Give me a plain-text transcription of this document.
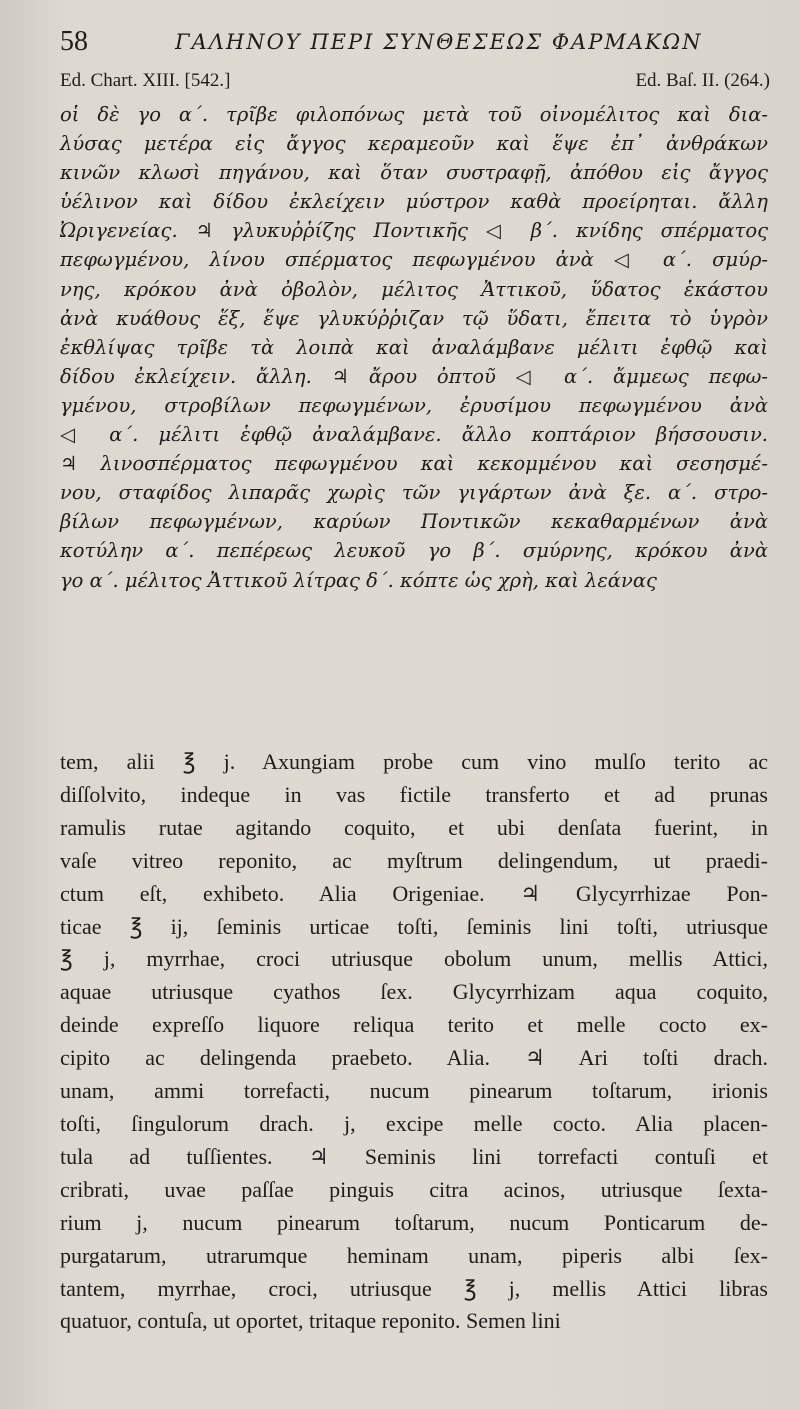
58	ΓΑΛΗΝΟΥ ΠΕΡΙ ΣΥΝΘΕΣΕΩΣ ΦΑΡΜΑΚΩΝ
Ed. Chart. XIII. [542.]	Ed. Baſ. II. (264.)
οἱ δὲ γο α΄. τρῖβε φιλοπόνως μετὰ τοῦ οἰνομέλιτος καὶ δια-
λύσας μετέρα εἰς ἄγγος κεραμεοῦν καὶ ἕψε ἐπ᾽ ἀνθράκων
κινῶν κλωσὶ πηγάνου, καὶ ὅταν συστραφῇ, ἀπόθου εἰς ἄγγος
ὑέλινον καὶ δίδου ἐκλείχειν μύστρον καθὰ προείρηται. ἄλλη
Ὠριγενείας. ♃ γλυκυῤῥίζης Ποντικῆς ◁ β΄. κνίδης σπέρματος
πεφωγμένου, λίνου σπέρματος πεφωγμένου ἀνὰ ◁ α΄. σμύρ-
νης, κρόκου ἀνὰ ὀβολὸν, μέλιτος Ἀττικοῦ, ὕδατος ἑκάστου
ἀνὰ κυάθους ἕξ, ἕψε γλυκύῤῥιζαν τῷ ὕδατι, ἔπειτα τὸ ὑγρὸν
ἐκθλίψας τρῖβε τὰ λοιπὰ καὶ ἀναλάμβανε μέλιτι ἑφθῷ καὶ
δίδου ἐκλείχειν. ἄλλη. ♃ ἄρου ὀπτοῦ ◁ α΄. ἄμμεως πεφω-
γμένου, στροβίλων πεφωγμένων, ἐρυσίμου πεφωγμένου ἀνὰ
◁ α΄. μέλιτι ἑφθῷ ἀναλάμβανε. ἄλλο κοπτάριον βήσσουσιν.
♃ λινοσπέρματος πεφωγμένου καὶ κεκομμένου καὶ σεσησμέ-
νου, σταφίδος λιπαρᾶς χωρὶς τῶν γιγάρτων ἀνὰ ξε. α΄. στρο-
βίλων πεφωγμένων, καρύων Ποντικῶν κεκαθαρμένων ἀνὰ
κοτύλην α΄. πεπέρεως λευκοῦ γο β΄. σμύρνης, κρόκου ἀνὰ
γο α΄. μέλιτος Ἀττικοῦ λίτρας δ΄. κόπτε ὡς χρὴ, καὶ λεάνας
tem, alii ℥ j. Axungiam probe cum vino mulſo terito ac
diſſolvito, indeque in vas fictile transferto et ad prunas
ramulis rutae agitando coquito, et ubi denſata fuerint, in
vaſe vitreo reponito, ac myſtrum delingendum, ut praedi-
ctum eſt, exhibeto. Alia Origeniae. ♃ Glycyrrhizae Pon-
ticae ℥ ij, ſeminis urticae toſti, ſeminis lini toſti, utriusque
℥ j, myrrhae, croci utriusque obolum unum, mellis Attici,
aquae utriusque cyathos ſex. Glycyrrhizam aqua coquito,
deinde expreſſo liquore reliqua terito et melle cocto ex-
cipito ac delingenda praebeto. Alia. ♃ Ari toſti drach.
unam, ammi torrefacti, nucum pinearum toſtarum, irionis
toſti, ſingulorum drach. j, excipe melle cocto. Alia placen-
tula ad tuſſientes. ♃ Seminis lini torrefacti contuſi et
cribrati, uvae paſſae pinguis citra acinos, utriusque ſexta-
rium j, nucum pinearum toſtarum, nucum Ponticarum de-
purgatarum, utrarumque heminam unam, piperis albi ſex-
tantem, myrrhae, croci, utriusque ℥ j, mellis Attici libras
quatuor, contuſa, ut oportet, tritaque reponito. Semen lini
